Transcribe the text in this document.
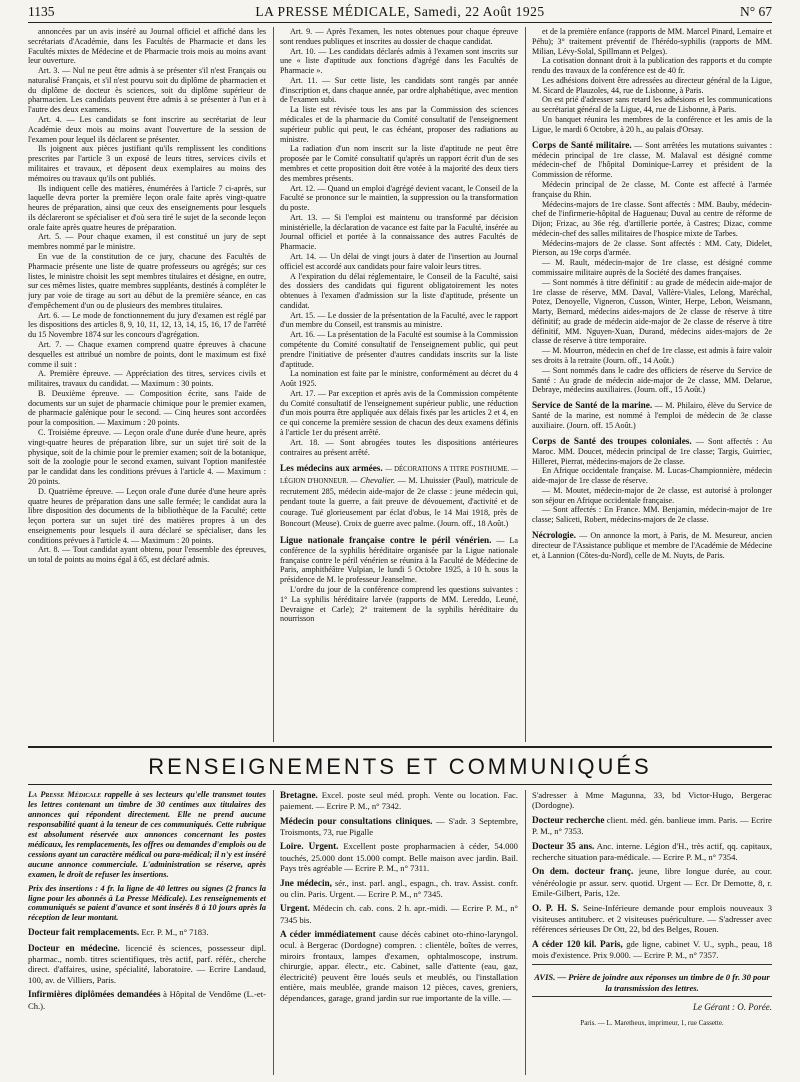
1135	LA PRESSE MÉDICALE, Samedi, 22 Août 1925	N° 67

annoncées par un avis inséré au Journal officiel et affiché dans les secrétariats d'Académie, dans les Facultés de Pharmacie et dans les Facultés mixtes de Médecine et de Pharmacie trois mois au moins avant leur ouverture.

Art. 3. — Nul ne peut être admis à se présenter s'il n'est Français ou naturalisé Français, et s'il n'est pourvu soit du diplôme de pharmacien et du diplôme de docteur ès sciences, soit du diplôme supérieur de pharmacien. Les candidats peuvent être admis à se présenter à l'un et à l'autre des deux examens.

Art. 4. — Les candidats se font inscrire au secrétariat de leur Académie deux mois au moins avant l'ouverture de la session de l'examen pour lequel ils déclarent se présenter.

Ils joignent aux pièces justifiant qu'ils remplissent les conditions prescrites par l'article 3 un exposé de leurs titres, services civils et militaires et travaux, et déposent deux exemplaires au moins des mémoires ou travaux qu'ils ont publiés.

Ils indiquent celle des matières, énumérées à l'article 7 ci-après, sur laquelle devra porter la première leçon orale faite après vingt-quatre heures de préparation, ainsi que ceux des enseignements pour lesquels ils déclareront se spécialiser et d'où sera tiré le sujet de la seconde leçon orale faite après quatre heures de préparation.

Art. 5. — Pour chaque examen, il est constitué un jury de sept membres nommé par le ministre.

En vue de la constitution de ce jury, chacune des Facultés de Pharmacie présente une liste de quatre professeurs ou agrégés; sur ces listes, le ministre choisit les sept membres titulaires et désigne, en outre, sur ces mêmes listes, quatre membres suppléants, destinés à compléter le jury par voie de tirage au sort au début de la première séance, en cas d'empêchement d'un ou de plusieurs des membres titulaires.

Art. 6. — Le mode de fonctionnement du jury d'examen est réglé par les dispositions des articles 8, 9, 10, 11, 12, 13, 14, 15, 16, 17 de l'arrêté du 15 Novembre 1874 sur les concours d'agrégation.

Art. 7. — Chaque examen comprend quatre épreuves à chacune desquelles est attribué un nombre de points, dont le maximum est fixé comme il suit :

A. Première épreuve. — Appréciation des titres, services civils et militaires, travaux du candidat. — Maximum : 30 points.

B. Deuxième épreuve. — Composition écrite, sans l'aide de documents sur un sujet de pharmacie chimique pour le premier examen, de pharmacie galénique pour le second. — Cinq heures sont accordées pour la composition. — Maximum : 20 points.

C. Troisième épreuve. — Leçon orale d'une durée d'une heure, après vingt-quatre heures de préparation libre, sur un sujet tiré soit de la physique, soit de la chimie pour le premier examen; soit de la botanique, soit de la zoologie pour le second examen, suivant l'option manifestée par le candidat dans les conditions prévues à l'article 4. — Maximum : 20 points.

D. Quatrième épreuve. — Leçon orale d'une durée d'une heure après quatre heures de préparation dans une salle fermée; le candidat aura la libre disposition des documents de la bibliothèque de la Faculté; cette leçon portera sur un sujet tiré des matières propres à un des enseignements pour lesquels il aura déclaré se spécialiser, dans les conditions prévues à l'article 4. — Maximum : 20 points.

Art. 8. — Tout candidat ayant obtenu, pour l'ensemble des épreuves, un total de points au moins égal à 65, est déclaré admis.

Art. 9. — Après l'examen, les notes obtenues pour chaque épreuve sont rendues publiques et inscrites au dossier de chaque candidat.

Art. 10. — Les candidats déclarés admis à l'examen sont inscrits sur une « liste d'aptitude aux fonctions d'agrégé dans les Facultés de Pharmacie ».

Art. 11. — Sur cette liste, les candidats sont rangés par année d'inscription et, dans chaque année, par ordre alphabétique, avec mention de l'examen subi.

La liste est révisée tous les ans par la Commission des sciences médicales et de la pharmacie du Comité consultatif de l'enseignement supérieur public qui peut, le cas échéant, proposer des radiations au ministre.

La radiation d'un nom inscrit sur la liste d'aptitude ne peut être proposée par le Comité consultatif qu'après un rapport écrit d'un de ses membres et cette proposition doit être votée à la majorité des deux tiers des membres présents.

Art. 12. — Quand un emploi d'agrégé devient vacant, le Conseil de la Faculté se prononce sur le maintien, la suppression ou la transformation du poste.

Art. 13. — Si l'emploi est maintenu ou transformé par décision ministérielle, la déclaration de vacance est faite par la Faculté, insérée au Journal officiel et portée à la connaissance des autres Facultés de Pharmacie.

Art. 14. — Un délai de vingt jours à dater de l'insertion au Journal officiel est accordé aux candidats pour faire valoir leurs titres.

A l'expiration du délai réglementaire, le Conseil de la Faculté, saisi des dossiers des candidats qui figurent obligatoirement les notes obtenues à l'examen d'admission sur la liste d'aptitude, présente un candidat.

Art. 15. — Le dossier de la présentation de la Faculté, avec le rapport d'un membre du Conseil, est transmis au ministre.

Art. 16. — La présentation de la Faculté est soumise à la Commission compétente du Comité consultatif de l'enseignement public, qui peut prendre l'initiative de présenter d'autres candidats inscrits sur la liste d'aptitude.

La nomination est faite par le ministre, conformément au décret du 4 Août 1925.

Art. 17. — Par exception et après avis de la Commission compétente du Comité consultatif de l'enseignement supérieur public, une réduction d'un mois pourra être appliquée aux délais fixés par les articles 2 et 4, en ce qui concerne la première session de chacun des deux examens définis à l'article 1er du présent arrêté.

Art. 18. — Sont abrogées toutes les dispositions antérieures contraires au présent arrêté.

Les médecins aux armées. — DÉCORATIONS A TITRE POSTHUME. — LÉGION D'HONNEUR. — Chevalier. — M. Lhuissier (Paul), matricule de recrutement 285, médecin aide-major de 2e classe : jeune médecin qui, pendant toute la guerre, a fait preuve de dévouement, d'activité et de courage. Tué glorieusement par éclat d'obus, le 14 Mai 1918, près de Boncourt (Meuse). Croix de guerre avec palme. (Journ. off., 18 Août.)

Ligue nationale française contre le péril vénérien. — La conférence de la syphilis héréditaire organisée par la Ligue nationale française contre le péril vénérien se réunira à la Faculté de Médecine de Paris, amphithéâtre Vulpian, le lundi 5 Octobre 1925, à 10 h. sous la présidence de M. le professeur Jeanselme.

L'ordre du jour de la conférence comprend les questions suivantes : 1° La syphilis héréditaire larvée (rapports de MM. Lereddo, Leuné, Devraigne et Carle); 2° traitement de la syphilis héréditaire du nourrisson

et de la première enfance (rapports de MM. Marcel Pinard, Lemaire et Péhu); 3° traitement préventif de l'hérédo-syphilis (rapports de MM. Milian, Lévy-Solal, Spillmann et Pelges).

La cotisation donnant droit à la publication des rapports et du compte rendu des travaux de la conférence est de 40 fr.

Les adhésions doivent être adressées au directeur général de la Ligue, M. Sicard de Plauzoles, 44, rue de Lisbonne, à Paris.

On est prié d'adresser sans retard les adhésions et les communications au secrétariat général de la Ligue, 44, rue de Lisbonne, à Paris.

Un banquet réunira les membres de la conférence et les amis de la Ligue, le mardi 6 Octobre, à 20 h., au palais d'Orsay.

Corps de Santé militaire. — Sont arrêtées les mutations suivantes : médecin principal de 1re classe, M. Malaval est désigné comme médecin-chef de l'hôpital Dominique-Larrey et président de la Commission de réforme.

Médecin principal de 2e classe, M. Conte est affecté à l'armée française du Rhin.

Médecins-majors de 1re classe. Sont affectés : MM. Bauby, médecin-chef de l'infirmerie-hôpital de Haguenau; Duval au centre de réforme de Dijon; Frizac, au 36e rég. d'artillerie portée, à Castres; Dizac, comme médecin-chef des salles militaires de l'hospice mixte de Tarbes.

Médecins-majors de 2e classe. Sont affectés : MM. Caty, Didelet, Pierson, au 19e corps d'armée.

— M. Rault, médecin-major de 1re classe, est désigné comme commissaire militaire auprès de la Société des dames françaises.

— Sont nommés à titre définitif : au grade de médecin aide-major de 1re classe de réserve, MM. Daval, Vallère-Viales, Lelong, Maréchal, Potez, Denoyelle, Vigneron, Cusson, Winter, Herpe, Lebon, Weismann, Marty, Bernard, médecins aides-majors de 2e classe de réserve à titre définitif; au grade de médecin aide-major de 2e classe de réserve à titre définitif, MM. Nguyen-Xuan, Durand, médecins aides-majors de 2e classe de réserve à titre temporaire.

— M. Mourron, médecin en chef de 1re classe, est admis à faire valoir ses droits à la retraite (Journ. off., 14 Août.)

— Sont nommés dans le cadre des officiers de réserve du Service de Santé : Au grade de médecin aide-major de 2e classe, MM. Delarue, Debraye, médecins auxiliaires. (Journ. off., 15 Août.)

Service de Santé de la marine. — M. Philairo, élève du Service de Santé de la marine, est nommé à l'emploi de médecin de 3e classe auxiliaire. (Journ. off. 15 Août.)

Corps de Santé des troupes coloniales. — Sont affectés : Au Maroc. MM. Doucet, médecin principal de 1re classe; Targis, Guirriec, Hilleret, Pierrat, médecins-majors de 2e classe.

En Afrique occidentale française. M. Lucas-Championnière, médecin aide-major de 1re classe de réserve.

— M. Moutet, médecin-major de 2e classe, est autorisé à prolonger son séjour en Afrique occidentale française.

— Sont affectés : En France. MM. Benjamin, médecin-major de 1re classe; Saliceti, Robert, médecins-majors de 2e classe.

Nécrologie. — On annonce la mort, à Paris, de M. Mesureur, ancien directeur de l'Assistance publique et membre de l'Académie de Médecine et, à Lannion (Côtes-du-Nord), celle de M. Nuyts, de Paris.

RENSEIGNEMENTS ET COMMUNIQUÉS

La Presse Médicale rappelle à ses lecteurs qu'elle transmet toutes les lettres contenant un timbre de 30 centimes aux titulaires des annonces qui répondent directement. Elle ne prend aucune responsabilité quant à la teneur de ces communiqués. Cette rubrique est absolument réservée aux annonces concernant les postes médicaux, les remplacements, les offres ou demandes d'emplois ou de cessions ayant un caractère médical ou para-médical; il n'y est inséré aucune annonce commerciale. L'administration se réserve, après examen, le droit de refuser les insertions.

Prix des insertions : 4 fr. la ligne de 40 lettres ou signes (2 francs la ligne pour les abonnés à La Presse Médicale). Les renseignements et communiqués se paient d'avance et sont insérés 8 à 10 jours après la réception de leur montant.

Docteur fait remplacements. Ecr. P. M., n° 7183.

Docteur en médecine. licencié ès sciences, possesseur dipl. pharmac., nomb. titres scientifiques, très actif, parf. référ., cherche direct. d'affaires, usine, spécialité, laboratoire. — Ecrire Landaud, 100, av. de Villiers, Paris.

Infirmières diplômées demandées à Hôpital de Vendôme (L.-et-Ch.).

Bretagne. Excel. poste seul méd. proph. Vente ou location. Fac. paiement. — Ecrire P. M., n° 7342.

Médecin pour consultations cliniques. — S'adr. 3 Septembre, Troismonts, 73, rue Pigalle

Loire. Urgent. Excellent poste propharmacien à céder, 54.000 touchés, 25.000 dont 15.000 compt. Belle maison avec jardin. Bail. Pays très agréable — Ecrire P. M., n° 7311.

Jne médecin, sér., inst. parl. angl., espagn., ch. trav. Assist. confr. ou clin. Paris. Urgent. — Ecrire P. M., n° 7345.

Urgent. Médecin ch. cab. cons. 2 h. apr.-midi. — Ecrire P. M., n° 7345 bis.

A céder immédiatement cause décès cabinet oto-rhino-laryngol. ocul. à Bergerac (Dordogne) compren. : clientèle, boîtes de verres, miroirs frontaux, lampes d'examen, ophtalmoscope, instrum. chirurgie, appar. électr., etc. Cabinet, salle d'attente (eau, gaz, électricité) peuvent être loués seuls et meublés, ou l'installation entière, mais meublée, grande maison 12 pièces, caves, greniers, dépendances, garage, grand jardin sur rue importante de la ville. —

S'adresser à Mme Magunna, 33, bd Victor-Hugo, Bergerac (Dordogne).

Docteur recherche client. méd. gén. banlieue imm. Paris. — Ecrire P. M., n° 7353.

Docteur 35 ans. Anc. interne. Légion d'H., très actif, qq. capitaux, recherche situation para-médicale. — Ecrire P. M., n° 7354.

On dem. docteur franç. jeune, libre longue durée, au cour. vénéréologie pr assur. serv. quotid. Urgent — Ecr. Dr Demotte, 8, r. Emile-Gilbert, Paris, 12e.

O. P. H. S. Seine-Inférieure demande pour emplois nouveaux 3 visiteuses antituberc. et 2 visiteuses puériculture. — S'adresser avec références sérieuses Dr Ott, 22, bd des Belges, Rouen.

A céder 120 kil. Paris, gde ligne, cabinet V. U., syph., peau, 18 mois d'existence. Prix 9.000. — Ecrire P. M., n° 7357.

AVIS. — Prière de joindre aux réponses un timbre de 0 fr. 30 pour la transmission des lettres.
Le Gérant : O. Porée.
Paris. — L. Maretheux, imprimeur, 1, rue Cassette.
